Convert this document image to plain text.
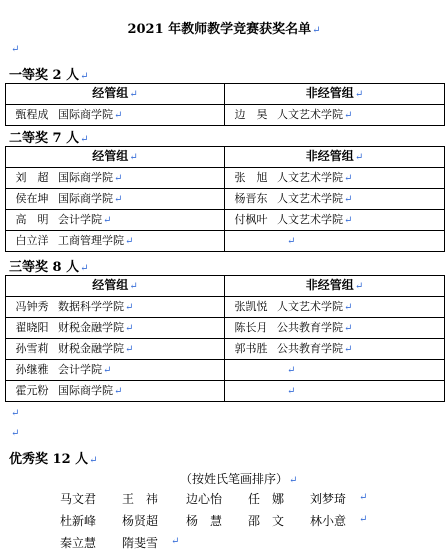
2021 年教师教学竞赛获奖名单↵
↵
一等奖 2 人↵
经管组↵	非经管组↵
甄程成 国际商学院↵	边　昊 人文艺术学院↵
二等奖 7 人↵
经管组↵	非经管组↵
刘　超 国际商学院↵	张　旭 人文艺术学院↵
侯在坤 国际商学院↵	杨晋东 人文艺术学院↵
高　明 会计学院↵	付枫叶 人文艺术学院↵
白立洋 工商管理学院↵	↵
三等奖 8 人↵
经管组↵	非经管组↵
冯钟秀 数据科学学院↵	张凯悦 人文艺术学院↵
翟晓阳 财税金融学院↵	陈长月 公共教育学院↵
孙雪莉 财税金融学院↵	郭书胜 公共教育学院↵
孙继雅 会计学院↵	↵
霍元粉 国际商学院↵	↵
↵
↵
优秀奖 12 人↵
（按姓氏笔画排序）↵
马文君 王　祎 边心怡 任　娜 刘梦琦 ↵
杜新峰 杨贤超 杨　慧 邵　文 林小意 ↵
秦立慧 隋斐雪 ↵
